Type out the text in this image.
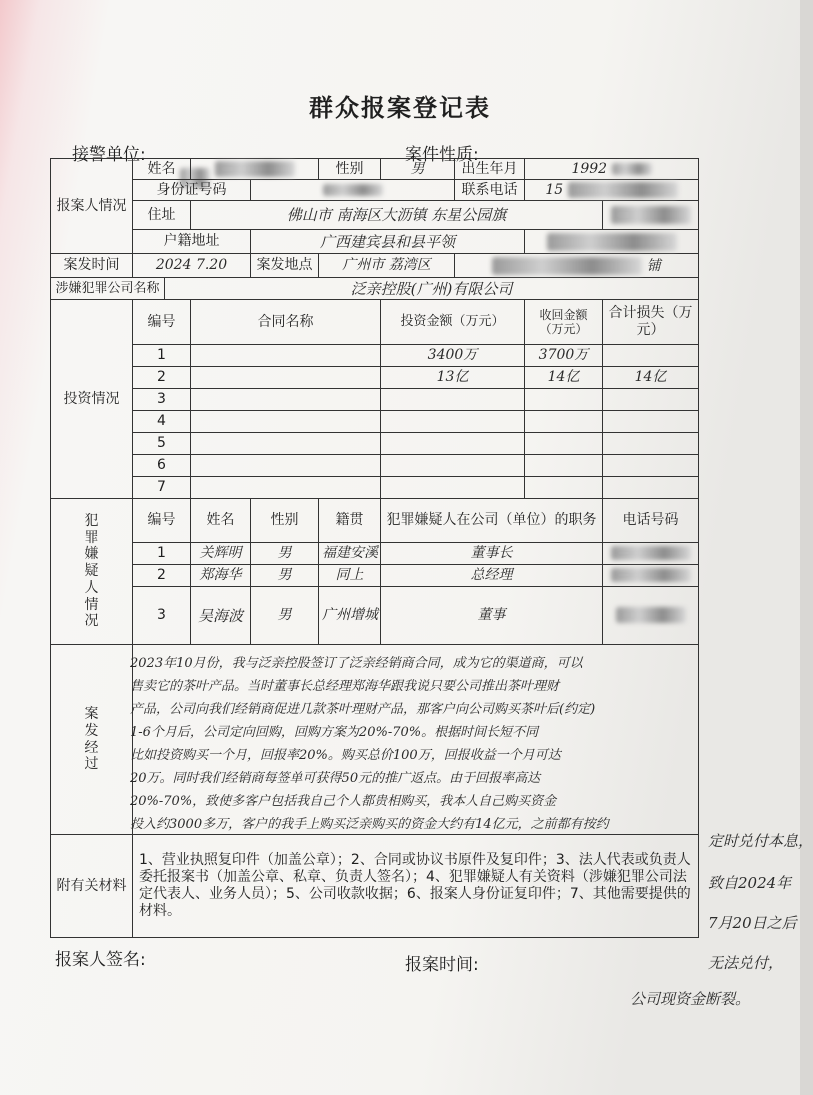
群众报案登记表
接警单位:	案件性质:
报案人情况	姓名				性别	男	出生年月	1992	
	身份证号码						联系电话	15	
	住址		佛山市 南海区大沥镇 东星公园旗						
	户籍地址			广西建宾县和县平领					
案发时间	2024 7.20			案发地点	广州市 荔湾区		铺		
涉嫌犯罪公司名称		泛亲控股(广州)有限公司							
投资情况	编号		合同名称			投资金额（万元）		收回金额（万元）	合计损失（万元）
	1					3400万		3700万	
	2					13亿		14亿	14亿
	3								
	4								
	5								
	6								
	7								

犯罪嫌疑人情况	编号		姓名	性别	籍贯	犯罪嫌疑人在公司（单位）的职务			电话号码
	1		关辉明	男	福建安溪	董事长			
	2		郑海华	男	同上	总经理			
	3		吴海波	男	广州增城	董事			

案发经过									

附有关材料	1、营业执照复印件（加盖公章）；2、合同或协议书原件及复印件；3、法人代表或负责人委托报案书（加盖公章、私章、负责人签名）；4、犯罪嫌疑人有关资料（涉嫌犯罪公司法定代表人、业务人员）；5、公司收款收据；6、报案人身份证复印件；7、其他需要提供的材料。								
2023年10月份，我与泛亲控股签订了泛亲经销商合同，成为它的渠道商，可以
售卖它的茶叶产品。当时董事长总经理郑海华跟我说只要公司推出茶叶理财
产品，公司向我们经销商促进几款茶叶理财产品，那客户向公司购买茶叶后(约定)
1-6个月后，公司定向回购，回购方案为20%-70%。根据时间长短不同
比如投资购买一个月，回报率20%。购买总价100万，回报收益一个月可达
20万。同时我们经销商每签单可获得50元的推广返点。由于回报率高达
20%-70%，致使多客户包括我自己个人都贵相购买，我本人自己购买资金
投入约3000多万，客户的我手上购买泛亲购买的资金大约有14亿元，之前都有按约
定时兑付本息，
致自2024年
7月20日之后
无法兑付，
公司现资金断裂。
报案人签名:	报案时间:
